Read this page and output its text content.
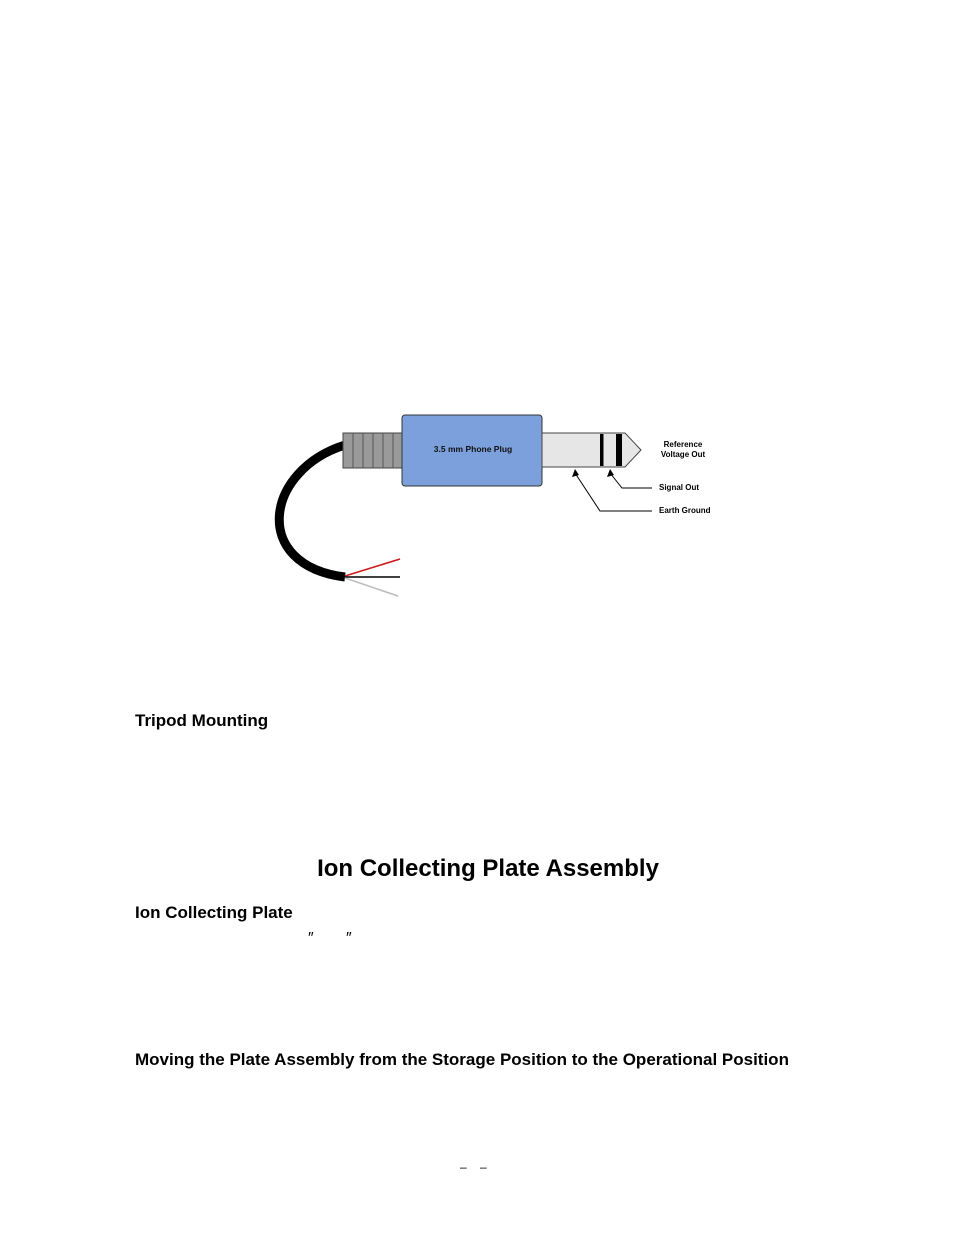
3.5 mm Phone Plug	Reference
Voltage Out
Signal Out
Earth Ground
Tripod Mounting
Ion Collecting Plate Assembly
Ion Collecting Plate
″ ″
Moving the Plate Assembly from the Storage Position to the Operational Position
– –
